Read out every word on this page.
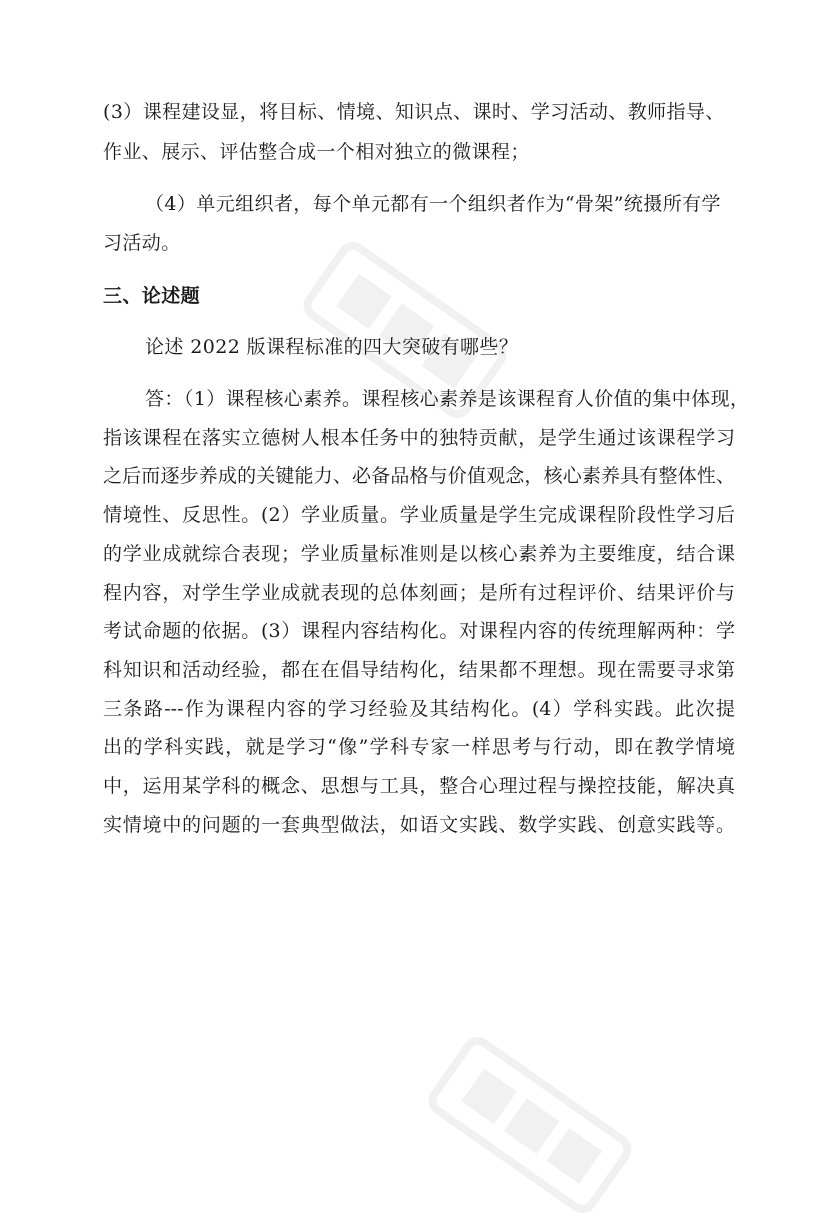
(3）课程建设显，将目标、情境、知识点、课时、学习活动、教师指导、
作业、展示、评估整合成一个相对独立的微课程；
（4）单元组织者，每个单元都有一个组织者作为“骨架”统摄所有学
习活动。
三、论述题
论述 2022 版课程标准的四大突破有哪些？
答：（1）课程核心素养。课程核心素养是该课程育人价值的集中体现，
指该课程在落实立德树人根本任务中的独特贡献，是学生通过该课程学习
之后而逐步养成的关键能力、必备品格与价值观念，核心素养具有整体性、
情境性、反思性。(2）学业质量。学业质量是学生完成课程阶段性学习后
的学业成就综合表现；学业质量标准则是以核心素养为主要维度，结合课
程内容，对学生学业成就表现的总体刻画；是所有过程评价、结果评价与
考试命题的依据。(3）课程内容结构化。对课程内容的传统理解两种：学
科知识和活动经验，都在在倡导结构化，结果都不理想。现在需要寻求第
三条路---作为课程内容的学习经验及其结构化。(4）学科实践。此次提
出的学科实践，就是学习“像”学科专家一样思考与行动，即在教学情境
中，运用某学科的概念、思想与工具，整合心理过程与操控技能，解决真
实情境中的问题的一套典型做法，如语文实践、数学实践、创意实践等。
